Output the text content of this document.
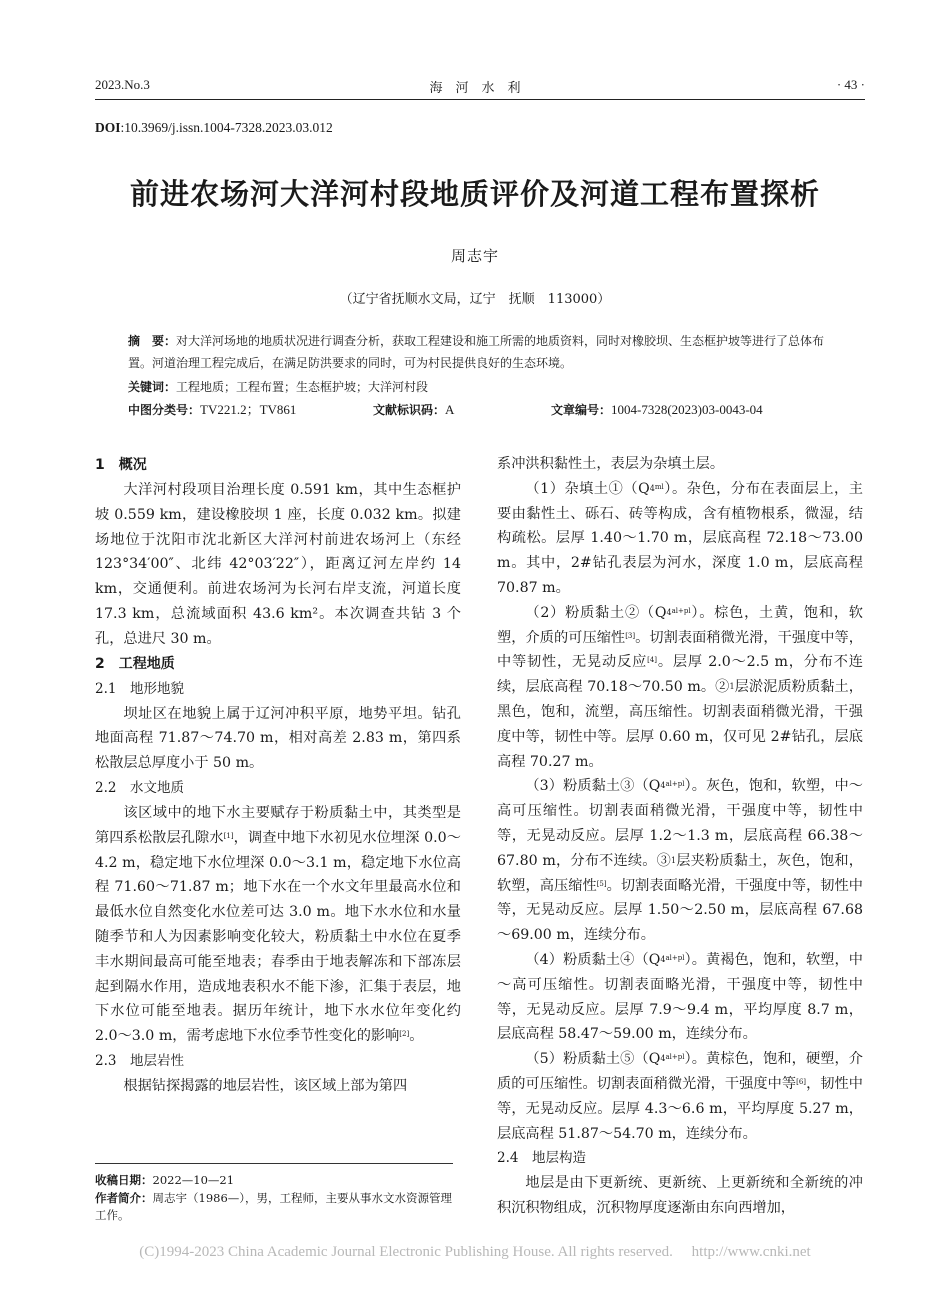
2023.No.3	海　河　水　利	· 43 ·
DOI:10.3969/j.issn.1004-7328.2023.03.012
前进农场河大洋河村段地质评价及河道工程布置探析
周志宇
（辽宁省抚顺水文局，辽宁　抚顺　113000）
摘　要：对大洋河场地的地质状况进行调查分析，获取工程建设和施工所需的地质资料，同时对橡胶坝、生态框护坡等进行了总体布置。河道治理工程完成后，在满足防洪要求的同时，可为村民提供良好的生态环境。
关键词：工程地质；工程布置；生态框护坡；大洋河村段
中图分类号：TV221.2；TV861	文献标识码：A	文章编号：1004-7328(2023)03-0043-04
1　概况

大洋河村段项目治理长度 0.591 km，其中生态框护坡 0.559 km，建设橡胶坝 1 座，长度 0.032 km。拟建场地位于沈阳市沈北新区大洋河村前进农场河上（东经 123°34′00″、北纬 42°03′22″），距离辽河左岸约 14 km，交通便利。前进农场河为长河右岸支流，河道长度 17.3 km，总流域面积 43.6 km²。本次调查共钻 3 个孔，总进尺 30 m。

2　工程地质
2.1　地形地貌

坝址区在地貌上属于辽河冲积平原，地势平坦。钻孔地面高程 71.87～74.70 m，相对高差 2.83 m，第四系松散层总厚度小于 50 m。

2.2　水文地质

该区域中的地下水主要赋存于粉质黏土中，其类型是第四系松散层孔隙水[1]，调查中地下水初见水位埋深 0.0～4.2 m，稳定地下水位埋深 0.0～3.1 m，稳定地下水位高程 71.60～71.87 m；地下水在一个水文年里最高水位和最低水位自然变化水位差可达 3.0 m。地下水水位和水量随季节和人为因素影响变化较大，粉质黏土中水位在夏季丰水期间最高可能至地表；春季由于地表解冻和下部冻层起到隔水作用，造成地表积水不能下渗，汇集于表层，地下水位可能至地表。据历年统计，地下水水位年变化约 2.0～3.0 m，需考虑地下水位季节性变化的影响[2]。

2.3　地层岩性

根据钻探揭露的地层岩性，该区域上部为第四

系冲洪积黏性土，表层为杂填土层。

（1）杂填土$①(Q4^{ml})$。杂色，分布在表面层上，主要由黏性土、砾石、砖等构成，含有植物根系，微湿，结构疏松。层厚 1.40～1.70 m，层底高程 72.18～73.00 m。其中，2#钻孔表层为河水，深度 1.0 m，层底高程 70.87 m。

（2）粉质黏土$②(Q4^{al+pl})$。棕色，土黄，饱和，软塑，介质的可压缩性[3]。切割表面稍微光滑，干强度中等，中等韧性，无晃动反应[4]。层厚 2.0～2.5 m，分布不连续，层底高程 70.18～70.50 m。②1层淤泥质粉质黏土，黑色，饱和，流塑，高压缩性。切割表面稍微光滑，干强度中等，韧性中等。层厚 0.60 m，仅可见 2#钻孔，层底高程 70.27 m。

（3）粉质黏土$③(Q4^{al+pl})$。灰色，饱和，软塑，中～高可压缩性。切割表面稍微光滑，干强度中等，韧性中等，无晃动反应。层厚 1.2～1.3 m，层底高程 66.38～67.80 m，分布不连续。③1层夹粉质黏土，灰色，饱和，软塑，高压缩性[5]。切割表面略光滑，干强度中等，韧性中等，无晃动反应。层厚 1.50～2.50 m，层底高程 67.68～69.00 m，连续分布。

（4）粉质黏土$④(Q4^{al+pl})$。黄褐色，饱和，软塑，中～高可压缩性。切割表面略光滑，干强度中等，韧性中等，无晃动反应。层厚 7.9～9.4 m，平均厚度 8.7 m，层底高程 58.47～59.00 m，连续分布。

（5）粉质黏土$⑤(Q4^{al+pl})$。黄棕色，饱和，硬塑，介质的可压缩性。切割表面稍微光滑，干强度中等[6]，韧性中等，无晃动反应。层厚 4.3～6.6 m，平均厚度 5.27 m，层底高程 51.87～54.70 m，连续分布。

2.4　地层构造

地层是由下更新统、更新统、上更新统和全新统的冲积沉积物组成，沉积物厚度逐渐由东向西增加，

收稿日期：2022—10—21
作者简介：周志宇（1986—），男，工程师，主要从事水文水资源管理工作。
(C)1994-2023 China Academic Journal Electronic Publishing House. All rights reserved.　 http://www.cnki.net
